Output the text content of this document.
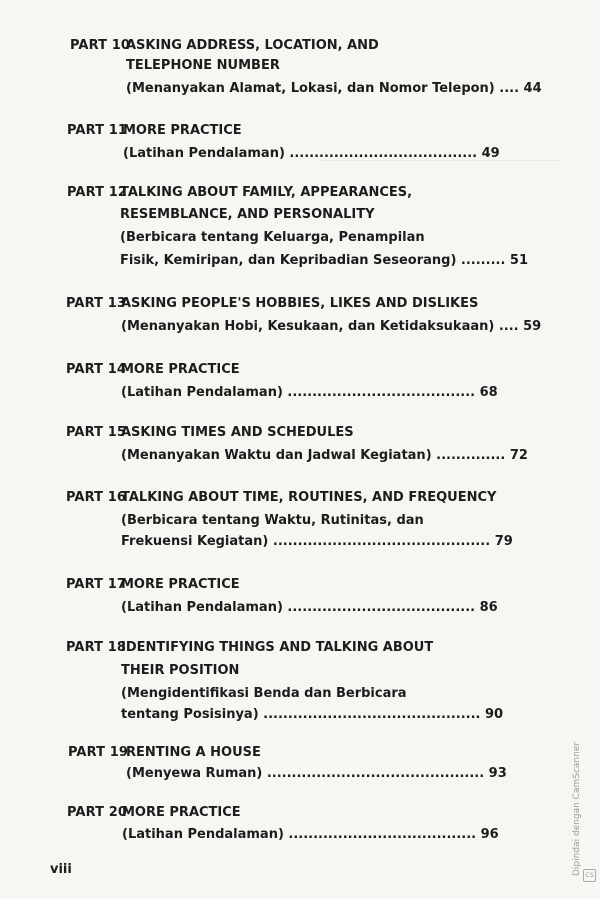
PART 10
ASKING ADDRESS, LOCATION, AND
TELEPHONE NUMBER
(Menanyakan Alamat, Lokasi, dan Nomor Telepon) .... 44
PART 11
MORE PRACTICE
(Latihan Pendalaman) ...................................... 49
PART 12
TALKING ABOUT FAMILY, APPEARANCES,
RESEMBLANCE, AND PERSONALITY
(Berbicara tentang Keluarga, Penampilan
Fisik, Kemiripan, dan Kepribadian Seseorang) ......... 51
PART 13
ASKING PEOPLE'S HOBBIES, LIKES AND DISLIKES
(Menanyakan Hobi, Kesukaan, dan Ketidaksukaan) .... 59
PART 14
MORE PRACTICE
(Latihan Pendalaman) ...................................... 68
PART 15
ASKING TIMES AND SCHEDULES
(Menanyakan Waktu dan Jadwal Kegiatan) .............. 72
PART 16
TALKING ABOUT TIME, ROUTINES, AND FREQUENCY
(Berbicara tentang Waktu, Rutinitas, dan
Frekuensi Kegiatan) ............................................ 79
PART 17
MORE PRACTICE
(Latihan Pendalaman) ...................................... 86
PART 18
IDENTIFYING THINGS AND TALKING ABOUT
THEIR POSITION
(Mengidentifikasi Benda dan Berbicara
tentang Posisinya) ............................................ 90
PART 19
RENTING A HOUSE
(Menyewa Ruman) ............................................ 93
PART 20
MORE PRACTICE
(Latihan Pendalaman) ...................................... 96
viii	Dipindai dengan CamScanner CS
